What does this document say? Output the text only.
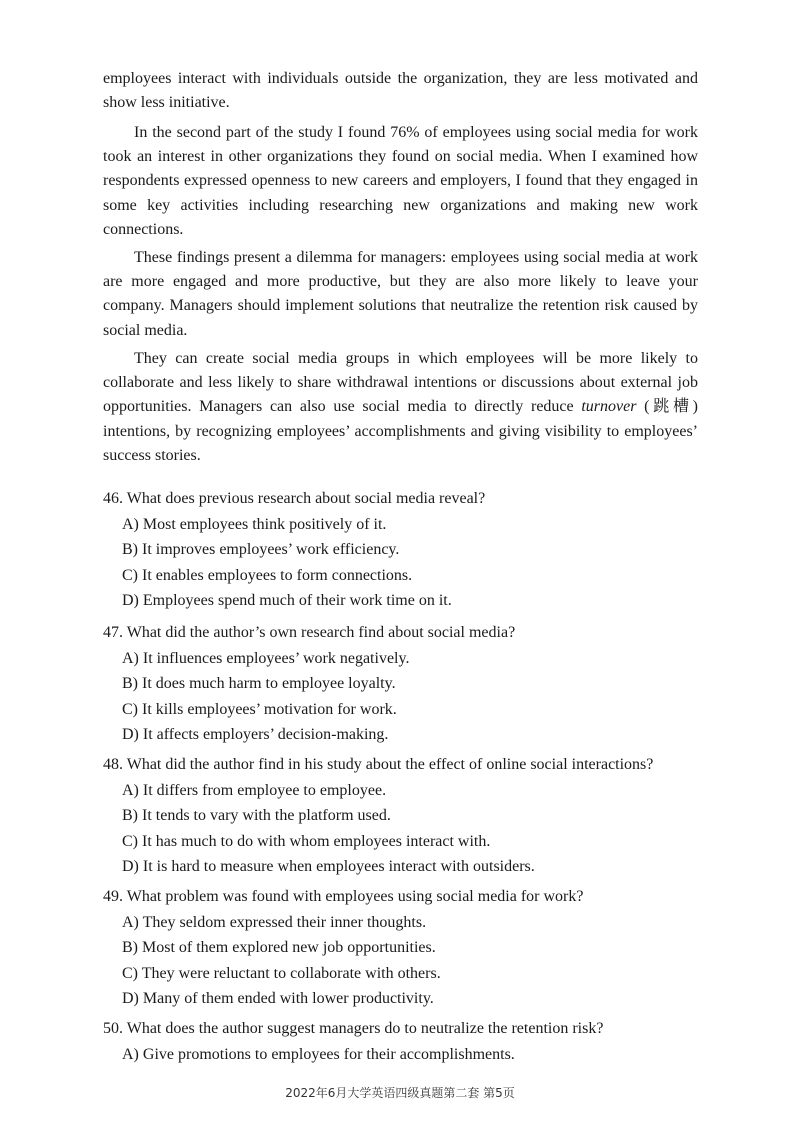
employees interact with individuals outside the organization, they are less motivated and
show less initiative.
In the second part of the study I found 76% of employees using social media for work
took an interest in other organizations they found on social media. When I examined how
respondents expressed openness to new careers and employers, I found that they engaged in
some key activities including researching new organizations and making new work
connections.
These findings present a dilemma for managers: employees using social media at work
are more engaged and more productive, but they are also more likely to leave your
company. Managers should implement solutions that neutralize the retention risk caused by
social media.
They can create social media groups in which employees will be more likely to
collaborate and less likely to share withdrawal intentions or discussions about external job
opportunities. Managers can also use social media to directly reduce turnover (跳槽)
intentions, by recognizing employees’ accomplishments and giving visibility to employees’
success stories.
46. What does previous research about social media reveal?
A) Most employees think positively of it.
B) It improves employees’ work efficiency.
C) It enables employees to form connections.
D) Employees spend much of their work time on it.
47. What did the author’s own research find about social media?
A) It influences employees’ work negatively.
B) It does much harm to employee loyalty.
C) It kills employees’ motivation for work.
D) It affects employers’ decision-making.
48. What did the author find in his study about the effect of online social interactions?
A) It differs from employee to employee.
B) It tends to vary with the platform used.
C) It has much to do with whom employees interact with.
D) It is hard to measure when employees interact with outsiders.
49. What problem was found with employees using social media for work?
A) They seldom expressed their inner thoughts.
B) Most of them explored new job opportunities.
C) They were reluctant to collaborate with others.
D) Many of them ended with lower productivity.
50. What does the author suggest managers do to neutralize the retention risk?
A) Give promotions to employees for their accomplishments.
2022年6月大学英语四级真题第二套 第5页
